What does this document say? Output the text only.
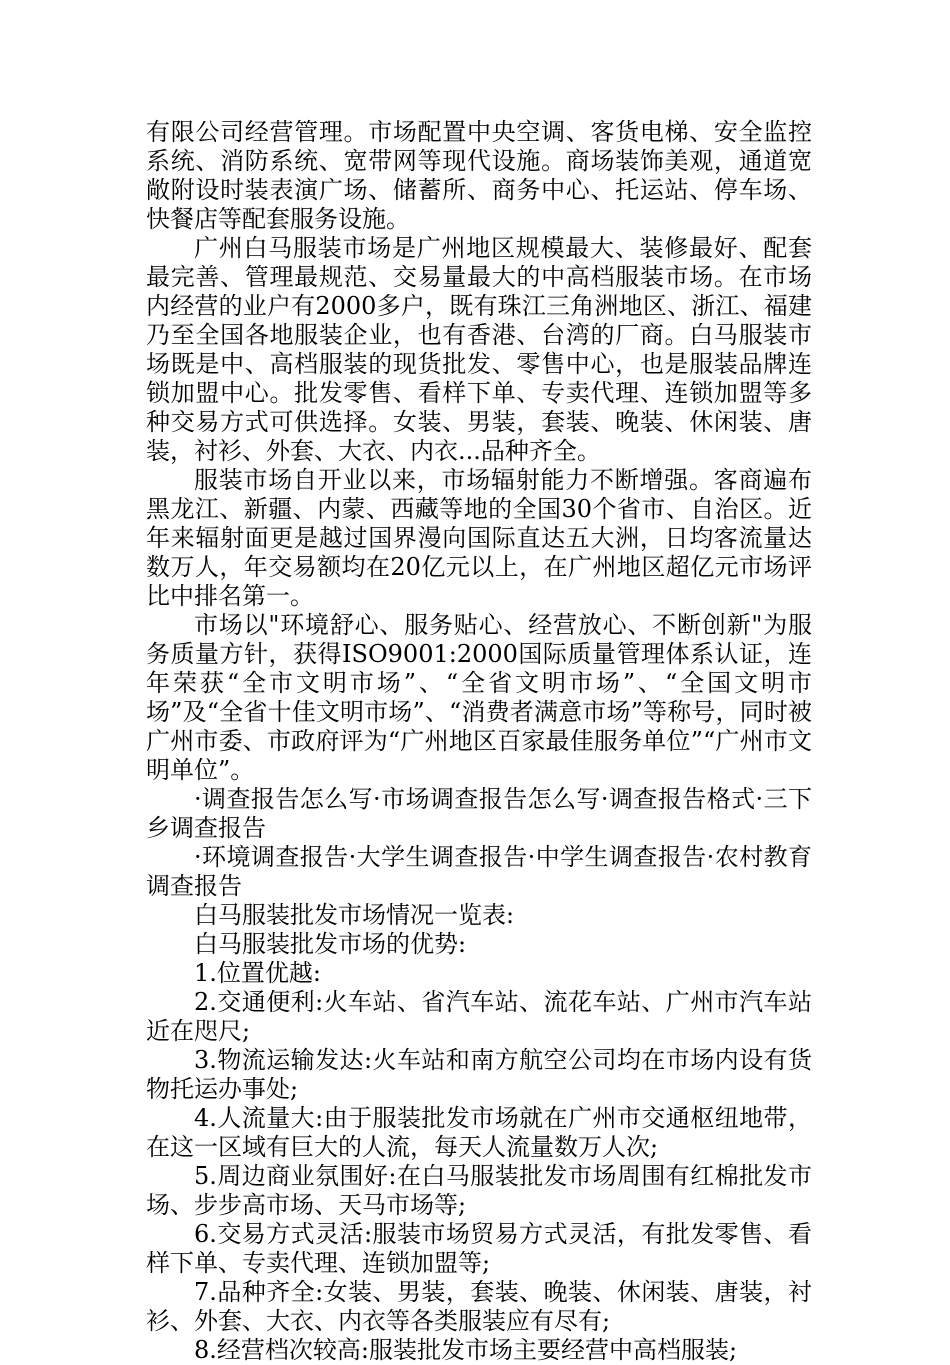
有限公司经营管理。市场配置中央空调、客货电梯、安全监控系统、消防系统、宽带网等现代设施。商场装饰美观，通道宽敞附设时装表演广场、储蓄所、商务中心、托运站、停车场、快餐店等配套服务设施。

广州白马服装市场是广州地区规模最大、装修最好、配套最完善、管理最规范、交易量最大的中高档服装市场。在市场内经营的业户有2000多户，既有珠江三角洲地区、浙江、福建乃至全国各地服装企业，也有香港、台湾的厂商。白马服装市场既是中、高档服装的现货批发、零售中心，也是服装品牌连锁加盟中心。批发零售、看样下单、专卖代理、连锁加盟等多种交易方式可供选择。女装、男装，套装、晚装、休闲装、唐装，衬衫、外套、大衣、内衣...品种齐全。

服装市场自开业以来，市场辐射能力不断增强。客商遍布黑龙江、新疆、内蒙、西藏等地的全国30个省市、自治区。近年来辐射面更是越过国界漫向国际直达五大洲，日均客流量达数万人，年交易额均在20亿元以上，在广州地区超亿元市场评比中排名第一。

市场以"环境舒心、服务贴心、经营放心、不断创新"为服务质量方针，获得ISO9001:2000国际质量管理体系认证，连年荣获“全市文明市场”、“全省文明市场”、“全国文明市场”及“全省十佳文明市场”、“消费者满意市场”等称号，同时被广州市委、市政府评为“广州地区百家最佳服务单位”“广州市文明单位”。

·调查报告怎么写·市场调查报告怎么写·调查报告格式·三下乡调查报告

·环境调查报告·大学生调查报告·中学生调查报告·农村教育调查报告

白马服装批发市场情况一览表:

白马服装批发市场的优势:

1.位置优越:

2.交通便利:火车站、省汽车站、流花车站、广州市汽车站近在咫尺;

3.物流运输发达:火车站和南方航空公司均在市场内设有货物托运办事处;

4.人流量大:由于服装批发市场就在广州市交通枢纽地带，在这一区域有巨大的人流，每天人流量数万人次;

5.周边商业氛围好:在白马服装批发市场周围有红棉批发市场、步步高市场、天马市场等;

6.交易方式灵活:服装市场贸易方式灵活，有批发零售、看样下单、专卖代理、连锁加盟等;

7.品种齐全:女装、男装，套装、晚装、休闲装、唐装，衬衫、外套、大衣、内衣等各类服装应有尽有;

8.经营档次较高:服装批发市场主要经营中高档服装;
